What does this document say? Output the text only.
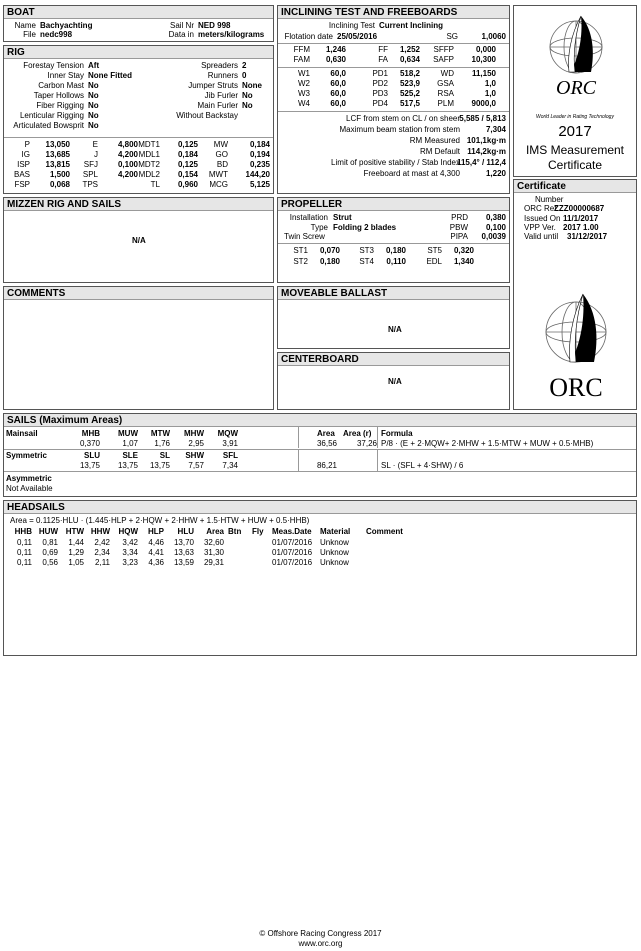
BOAT
Name Bachyachting
File nedc998
Sail Nr NED 998
Data in meters/kilograms
RIG
Forestay Tension Aft
Inner Stay None Fitted
Carbon Mast No
Taper Hollows No
Fiber Rigging No
Lenticular Rigging No
Articulated Bowsprit No
Spreaders 2
Runners 0
Jumper Struts None
Jib Furler No
Main Furler No
Without Backstay
P	13,050	E	4,800 MDT1	0,125	MW	0,184
IG	13,685	J	4,200 MDL1	0,184	GO	0,194
ISP	13,815	SFJ	0,100 MDT2	0,125	BD	0,235
BAS	1,500	SPL	4,200 MDL2	0,154	MWT	144,20
FSP	0,068	TPS	TL	0,960	MCG	5,125
MIZZEN RIG AND SAILS
N/A
COMMENTS
INCLINING TEST AND FREEBOARDS
Inclining Test Current Inclining
Flotation date 25/05/2016	SG	1,0060
FFM	1,246	FF	1,252	SFFP	0,000
FAM	0,630	FA	0,634	SAFP	10,300
W1	60,0	PD1	518,2	WD	11,150
W2	60,0	PD2	523,9	GSA	1,0
W3	60,0	PD3	525,2	RSA	1,0
W4	60,0	PD4	517,5	PLM	9000,0
LCF from stem on CL / on sheer 5,585 / 5,813
Maximum beam station from stem	7,304
RM Measured 101,1kg·m
RM Default 114,2kg·m
Limit of positive stability / Stab Index
115,4° / 112,4
Freeboard at mast at 4,300	1,220
ORC
World Leader in Rating Technology
2017
IMS Measurement
Certificate
Certificate
Number
ORC Ref
ZZZ00000687
Issued On 11/1/2017
VPP Ver. 2017 1.00
Valid until 31/12/2017
ORC
PROPELLER
Installation Strut
Type Folding 2 blades
Twin Screw
PRD	0,380
PBW	0,100
PIPA	0,0039
ST1	0,070	ST3	0,180	ST5	0,320
ST2	0,180	ST4	0,110	EDL	1,340
MOVEABLE BALLAST
N/A
CENTERBOARD
N/A
SAILS (Maximum Areas)
Mainsail	MHB	MUW	MTW	MHW	MQW
0,370	1,07	1,76	2,95	3,91
Area Area (r) Formula
36,56	37,26 P/8 · (E + 2·MQW+ 2·MHW + 1.5·MTW + MUW + 0.5·MHB)
Symmetric	SLU	SLE	SL	SHW	SFL
13,75	13,75	13,75	7,57	7,34	86,21	SL · (SFL + 4·SHW) / 6
Asymmetric
Not Available
HEADSAILS
Area = 0.1125·HLU · (1.445·HLP + 2·HQW + 2·HHW + 1.5·HTW + HUW + 0.5·HHB)
HHB HUW HTW HHW	HQW	HLP	HLU	Area Btn	Fly	Meas.Date	Material	Comment
0,11	0,81	1,44	2,42	3,42	4,46	13,70	32,60	01/07/2016 Unknow
0,11	0,69	1,29	2,34	3,34	4,41	13,63	31,30	01/07/2016 Unknow
0,11	0,56	1,05	2,11	3,23	4,36	13,59	29,31	01/07/2016 Unknow
© Offshore Racing Congress 2017
www.orc.org
